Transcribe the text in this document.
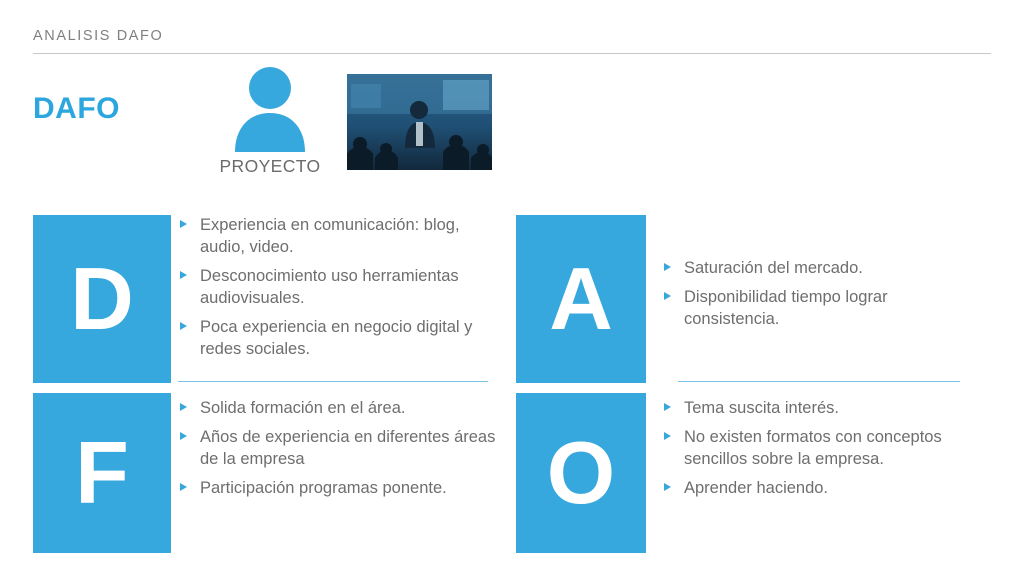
ANALISIS DAFO
DAFO
PROYECTO
D
Experiencia en comunicación: blog, audio, video.
Desconocimiento uso herramientas audiovisuales.
Poca experiencia en negocio digital y redes sociales.
F
Solida formación en el área.
Años de experiencia en diferentes áreas de la empresa
Participación programas ponente.
A	Saturación del mercado.
Disponibilidad tiempo lograr consistencia.
O
Tema suscita interés.
No existen formatos con conceptos sencillos sobre la empresa.
Aprender haciendo.
